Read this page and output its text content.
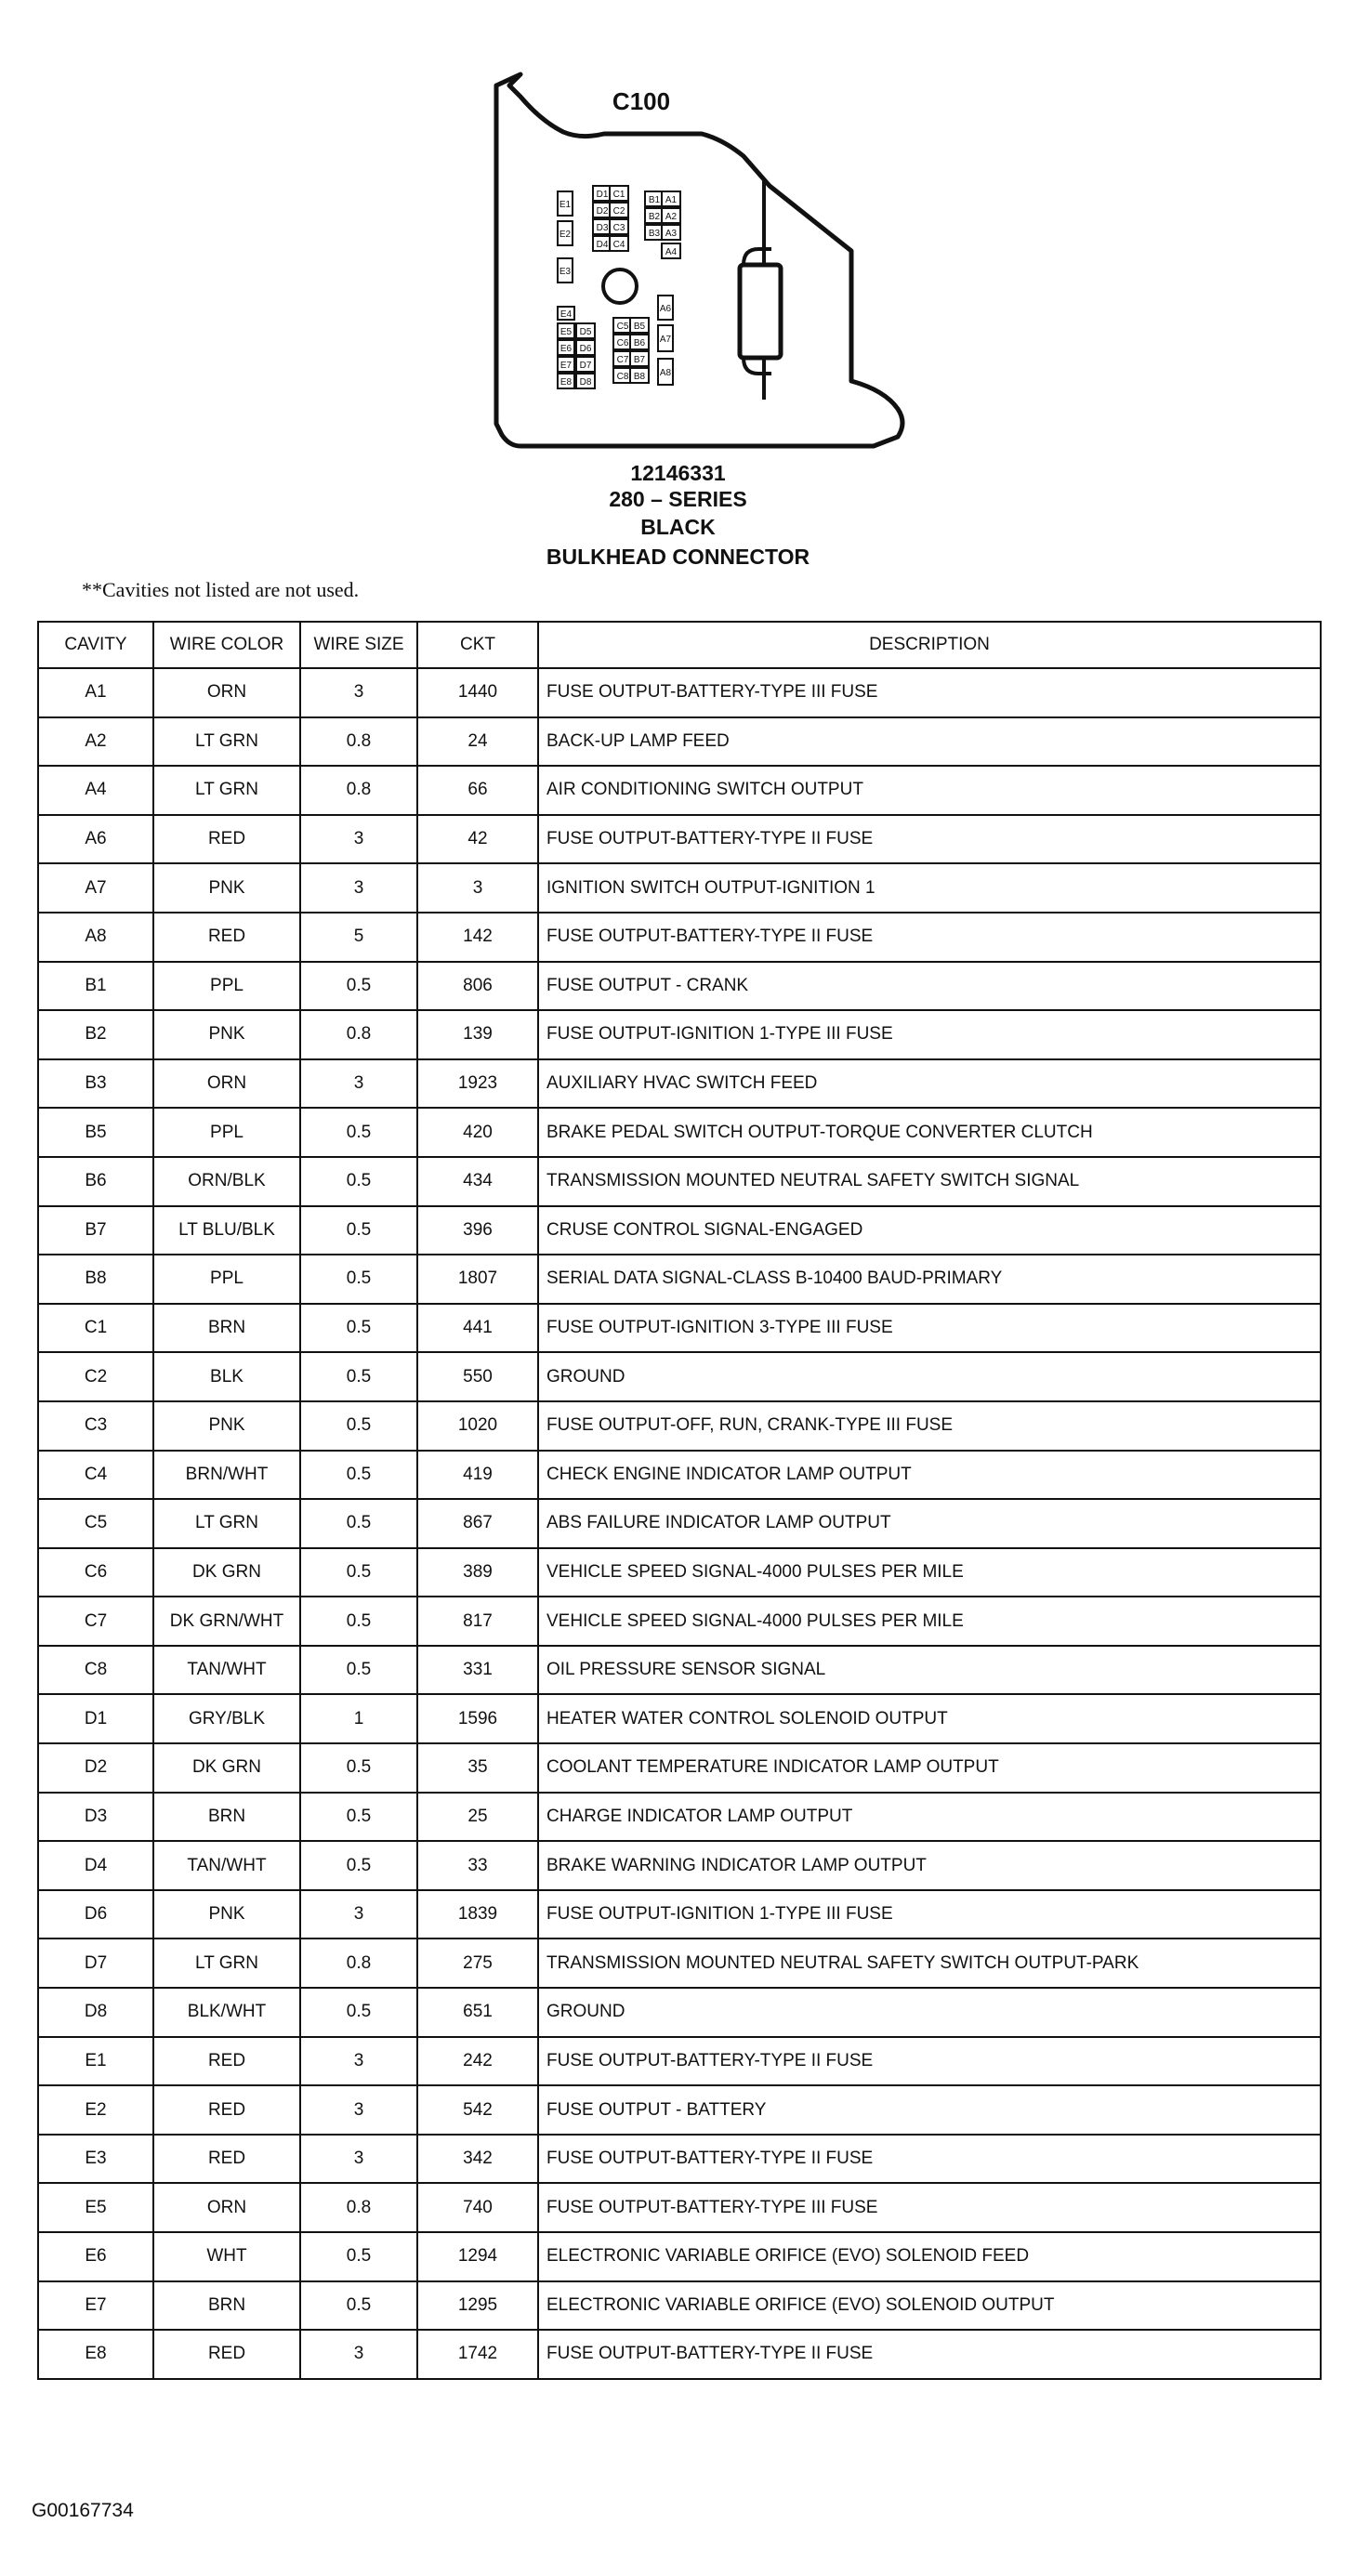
D1 C1
D2 C2
B1 A1
E1
B2 A2
D3 C3
B3 A3
E2
D4 C4
A4
E3
E4
A6
E5 D5
C5 B5
E6 D6
C6 B6 A7
E7 D7
C7 B7
E8 D8
C8 B8 A8
C100
12146331
280 – SERIES
BLACK
BULKHEAD CONNECTOR
**Cavities not listed are not used.
CAVITY	WIRE COLOR	WIRE SIZE	CKT	DESCRIPTION
A1	ORN	3	1440	FUSE OUTPUT-BATTERY-TYPE III FUSE
A2	LT GRN	0.8	24	BACK-UP LAMP FEED
A4	LT GRN	0.8	66	AIR CONDITIONING SWITCH OUTPUT
A6	RED	3	42	FUSE OUTPUT-BATTERY-TYPE II FUSE
A7	PNK	3	3	IGNITION SWITCH OUTPUT-IGNITION 1
A8	RED	5	142	FUSE OUTPUT-BATTERY-TYPE II FUSE
B1	PPL	0.5	806	FUSE OUTPUT - CRANK
B2	PNK	0.8	139	FUSE OUTPUT-IGNITION 1-TYPE III FUSE
B3	ORN	3	1923	AUXILIARY HVAC SWITCH FEED
B5	PPL	0.5	420	BRAKE PEDAL SWITCH OUTPUT-TORQUE CONVERTER CLUTCH
B6	ORN/BLK	0.5	434	TRANSMISSION MOUNTED NEUTRAL SAFETY SWITCH SIGNAL
B7	LT BLU/BLK	0.5	396	CRUSE CONTROL SIGNAL-ENGAGED
B8	PPL	0.5	1807	SERIAL DATA SIGNAL-CLASS B-10400 BAUD-PRIMARY
C1	BRN	0.5	441	FUSE OUTPUT-IGNITION 3-TYPE III FUSE
C2	BLK	0.5	550	GROUND
C3	PNK	0.5	1020	FUSE OUTPUT-OFF, RUN, CRANK-TYPE III FUSE
C4	BRN/WHT	0.5	419	CHECK ENGINE INDICATOR LAMP OUTPUT
C5	LT GRN	0.5	867	ABS FAILURE INDICATOR LAMP OUTPUT
C6	DK GRN	0.5	389	VEHICLE SPEED SIGNAL-4000 PULSES PER MILE
C7	DK GRN/WHT	0.5	817	VEHICLE SPEED SIGNAL-4000 PULSES PER MILE
C8	TAN/WHT	0.5	331	OIL PRESSURE SENSOR SIGNAL
D1	GRY/BLK	1	1596	HEATER WATER CONTROL SOLENOID OUTPUT
D2	DK GRN	0.5	35	COOLANT TEMPERATURE INDICATOR LAMP OUTPUT
D3	BRN	0.5	25	CHARGE INDICATOR LAMP OUTPUT
D4	TAN/WHT	0.5	33	BRAKE WARNING INDICATOR LAMP OUTPUT
D6	PNK	3	1839	FUSE OUTPUT-IGNITION 1-TYPE III FUSE
D7	LT GRN	0.8	275	TRANSMISSION MOUNTED NEUTRAL SAFETY SWITCH OUTPUT-PARK
D8	BLK/WHT	0.5	651	GROUND
E1	RED	3	242	FUSE OUTPUT-BATTERY-TYPE II FUSE
E2	RED	3	542	FUSE OUTPUT - BATTERY
E3	RED	3	342	FUSE OUTPUT-BATTERY-TYPE II FUSE
E5	ORN	0.8	740	FUSE OUTPUT-BATTERY-TYPE III FUSE
E6	WHT	0.5	1294	ELECTRONIC VARIABLE ORIFICE (EVO) SOLENOID FEED
E7	BRN	0.5	1295	ELECTRONIC VARIABLE ORIFICE (EVO) SOLENOID OUTPUT
E8	RED	3	1742	FUSE OUTPUT-BATTERY-TYPE II FUSE
G00167734
